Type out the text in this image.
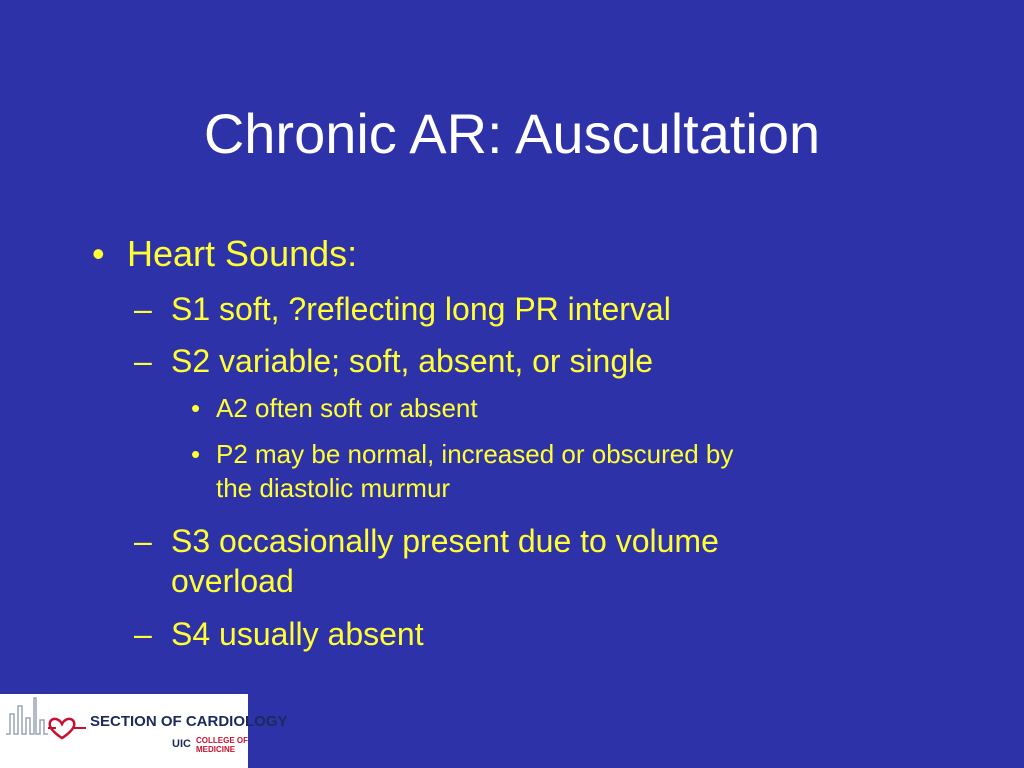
Chronic AR: Auscultation
• Heart Sounds:
– S1 soft, ?reflecting long PR interval
– S2 variable; soft, absent, or single
• A2 often soft or absent
• P2 may be normal, increased or obscured by
the diastolic murmur
– S3 occasionally present due to volume
overload
– S4 usually absent
SECTION OF CARDIOLOGY
UIC COLLEGE OF
MEDICINE
